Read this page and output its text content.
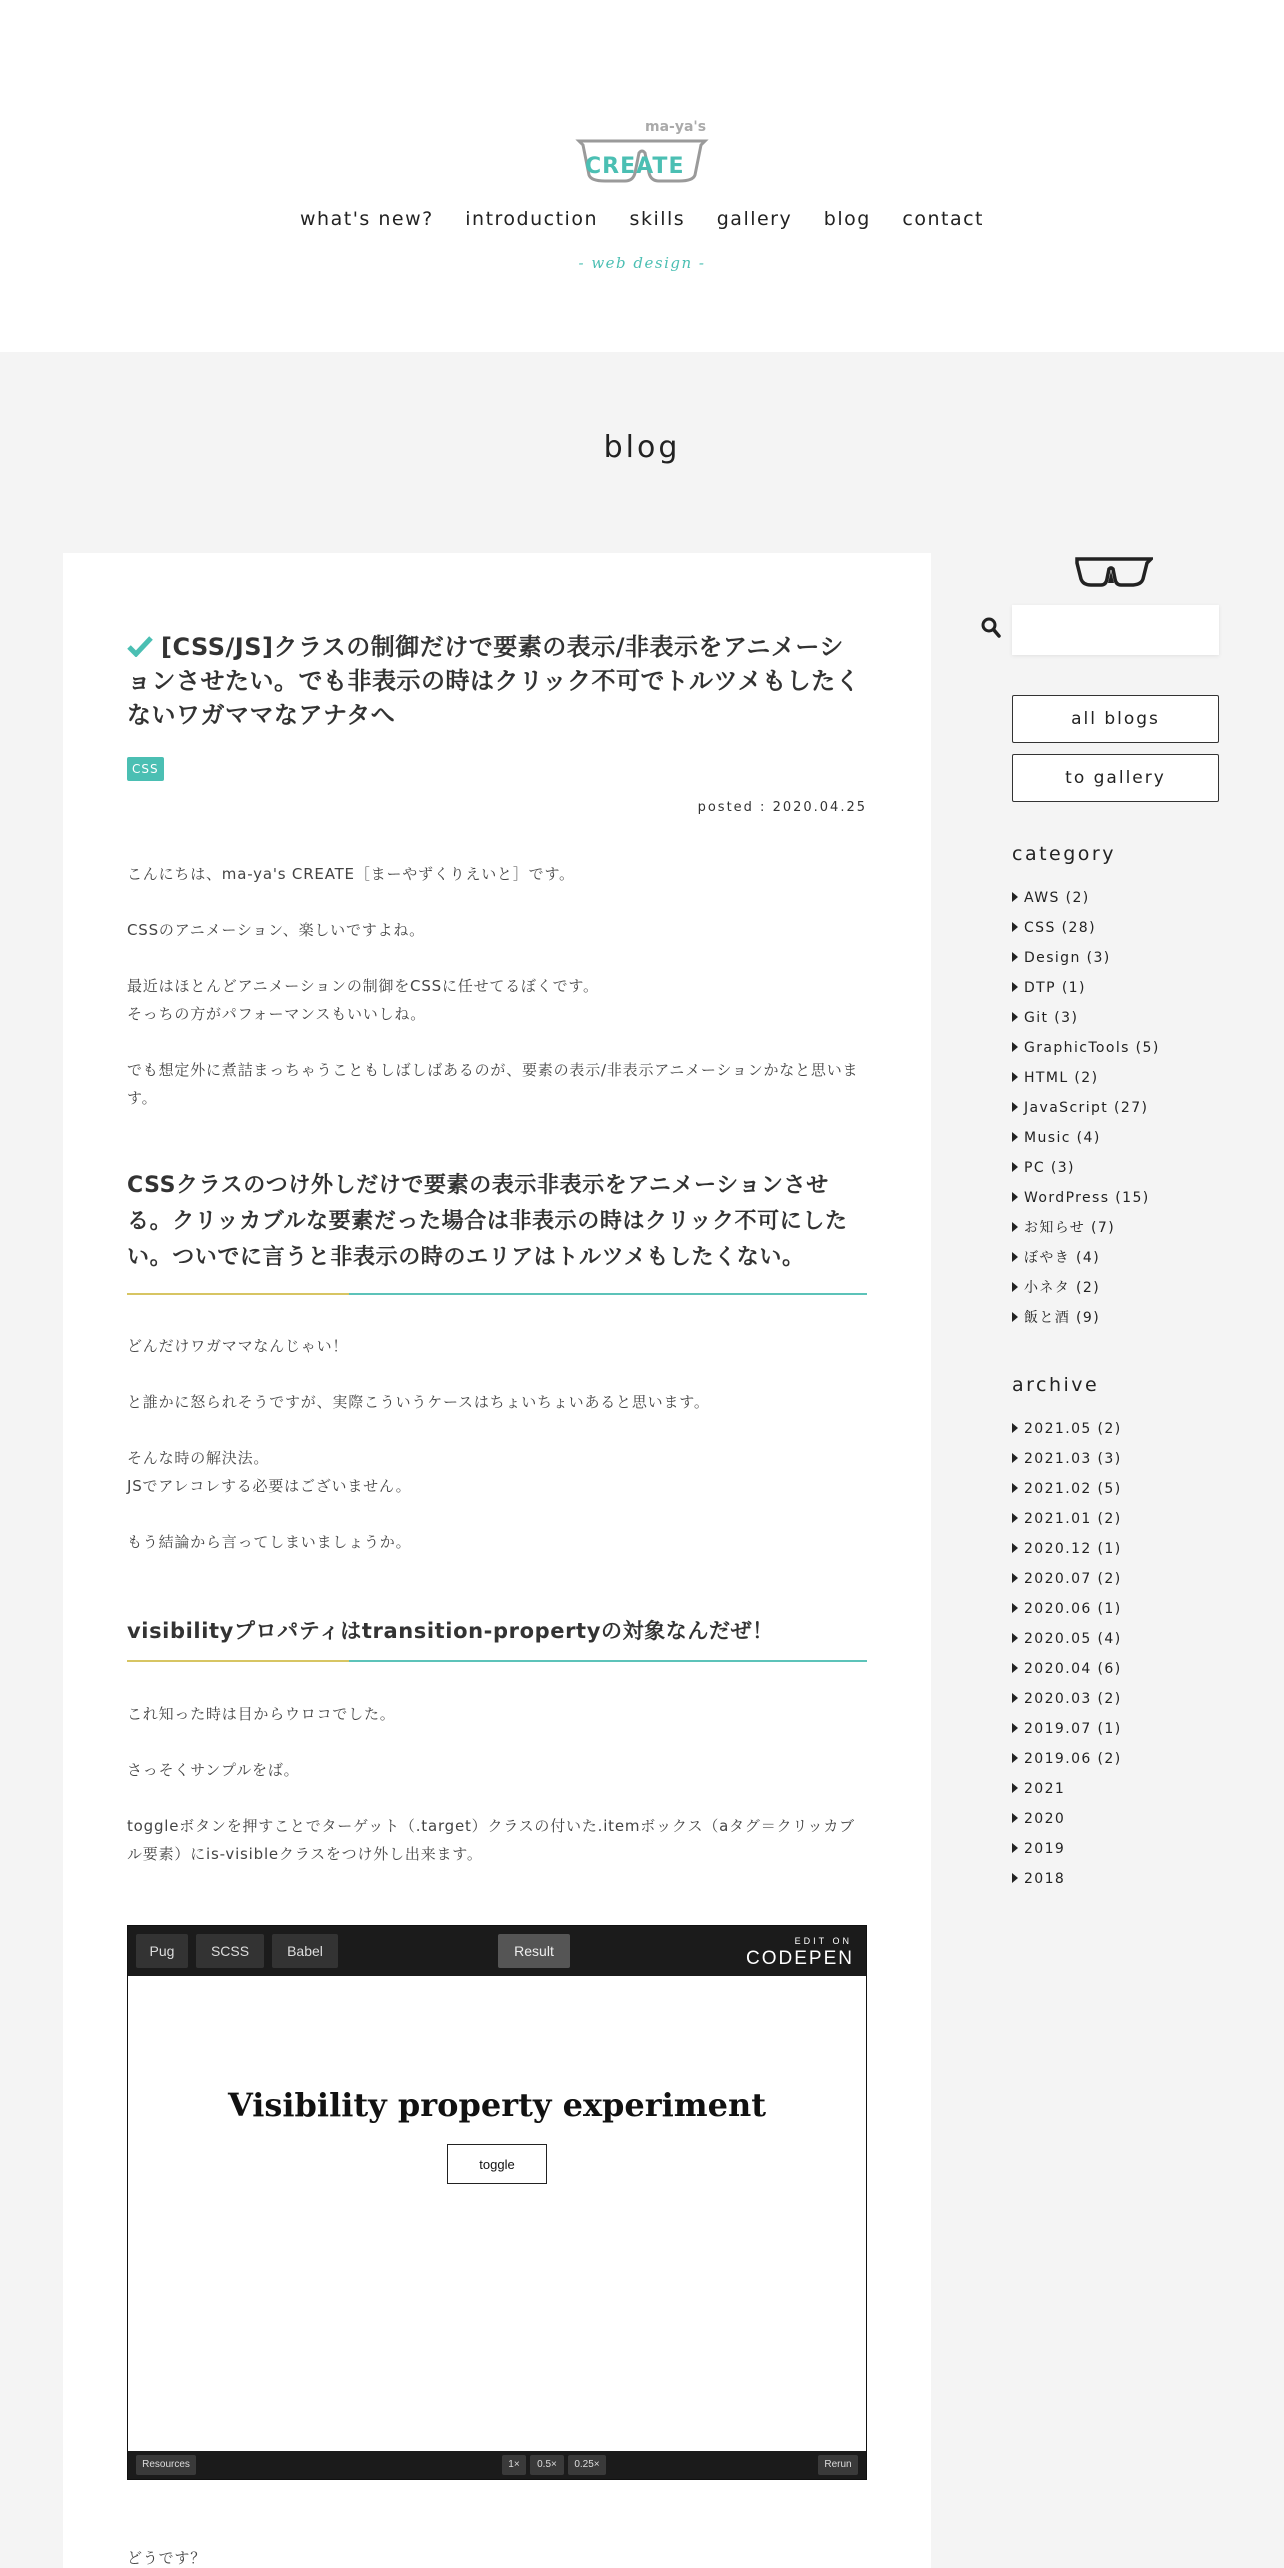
ma-ya's
CREATE
what's new? introduction skills gallery blog contact
- web design -
blog
[CSS/JS]クラスの制御だけで要素の表示/非表示をアニメーションさせたい。でも非表示の時はクリック不可でトルツメもしたくないワガママなアナタへ
CSS
posted : 2020.04.25

こんにちは、ma-ya's CREATE［まーやずくりえいと］です。

CSSのアニメーション、楽しいですよね。

最近はほとんどアニメーションの制御をCSSに任せてるぼくです。

そっちの方がパフォーマンスもいいしね。

でも想定外に煮詰まっちゃうこともしばしばあるのが、要素の表示/非表示アニメーションかなと思います。

CSSクラスのつけ外しだけで要素の表示非表示をアニメーションさせる。クリッカブルな要素だった場合は非表示の時はクリック不可にしたい。ついでに言うと非表示の時のエリアはトルツメもしたくない。

どんだけワガママなんじゃい！

と誰かに怒られそうですが、実際こういうケースはちょいちょいあると思います。

そんな時の解決法。

JSでアレコレする必要はございません。

もう結論から言ってしまいましょうか。

visibilityプロパティはtransition-propertyの対象なんだぜ！

これ知った時は目からウロコでした。

さっそくサンプルをば。

toggleボタンを押すことでターゲット（.target）クラスの付いた.itemボックス（aタグ＝クリッカブル要素）にis-visibleクラスをつけ外し出来ます。

Pug	SCSS	Babel	Result
EDIT ON
CODEPEN
Visibility property experiment
toggle
Resources	1×	0.5×	0.25×	Rerun

どうです？

all blogs
to gallery
category
AWS (2)
CSS (28)
Design (3)
DTP (1)
Git (3)
GraphicTools (5)
HTML (2)
JavaScript (27)
Music (4)
PC (3)
WordPress (15)
お知らせ (7)
ぼやき (4)
小ネタ (2)
飯と酒 (9)
archive
2021.05 (2)
2021.03 (3)
2021.02 (5)
2021.01 (2)
2020.12 (1)
2020.07 (2)
2020.06 (1)
2020.05 (4)
2020.04 (6)
2020.03 (2)
2019.07 (1)
2019.06 (2)
2021
2020
2019
2018
